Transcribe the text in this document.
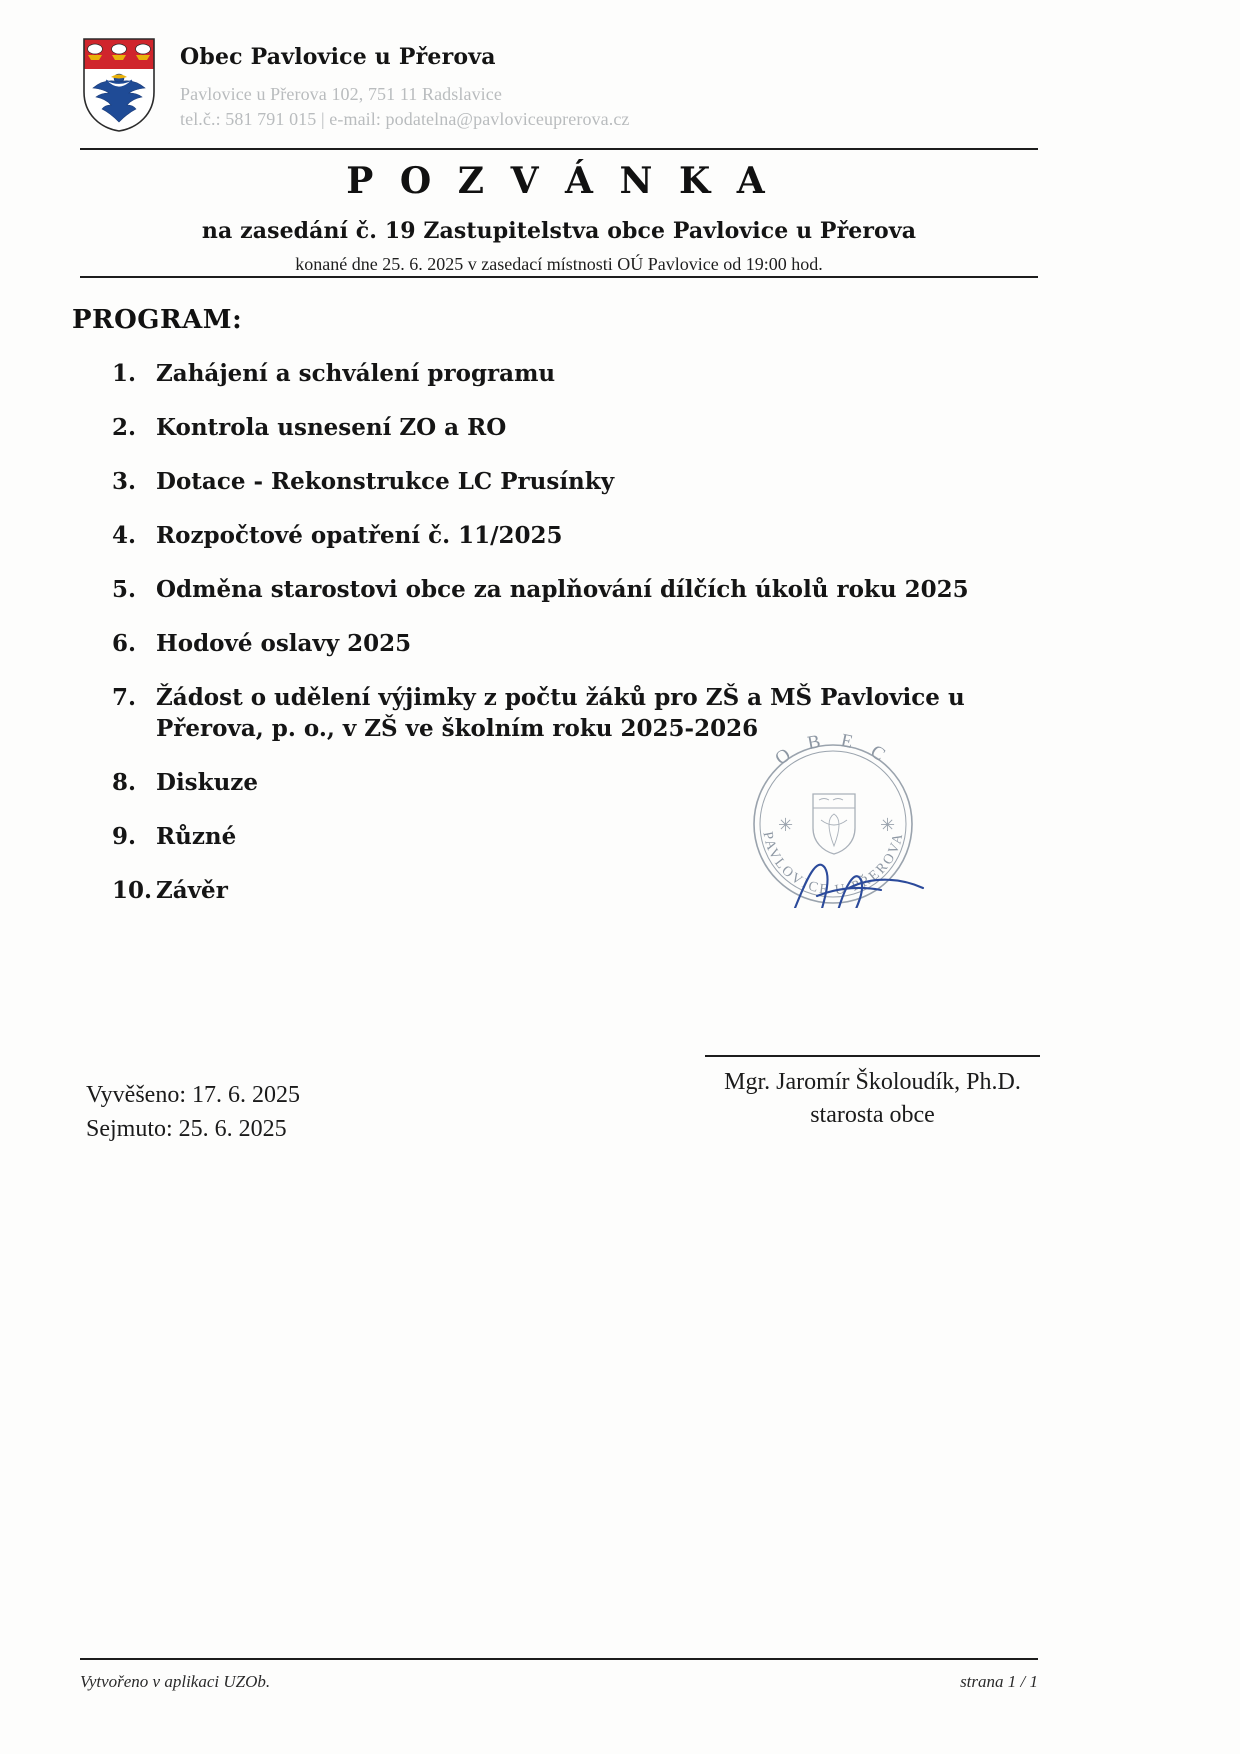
Obec Pavlovice u Přerova
Pavlovice u Přerova 102, 751 11 Radslavice
tel.č.: 581 791 015 | e-mail: podatelna@pavloviceuprerova.cz
P O Z V Á N K A
na zasedání č. 19 Zastupitelstva obce Pavlovice u Přerova
konané dne 25. 6. 2025 v zasedací místnosti OÚ Pavlovice od 19:00 hod.
PROGRAM:
1. Zahájení a schválení programu
2. Kontrola usnesení ZO a RO
3. Dotace - Rekonstrukce LC Prusínky
4. Rozpočtové opatření č. 11/2025
5. Odměna starostovi obce za naplňování dílčích úkolů roku 2025
6. Hodové oslavy 2025
7. Žádost o udělení výjimky z počtu žáků pro ZŠ a MŠ Pavlovice u Přerova, p. o., v ZŠ ve školním roku 2025-2026
8. Diskuze
9. Různé
10. Závěr
O B E C
PAVLOVICE U PŘEROVA
✳	✳
Vyvěšeno: 17. 6. 2025
Sejmuto: 25. 6. 2025
Mgr. Jaromír Školoudík, Ph.D.
starosta obce
Vytvořeno v aplikaci UZOb.	strana 1 / 1
